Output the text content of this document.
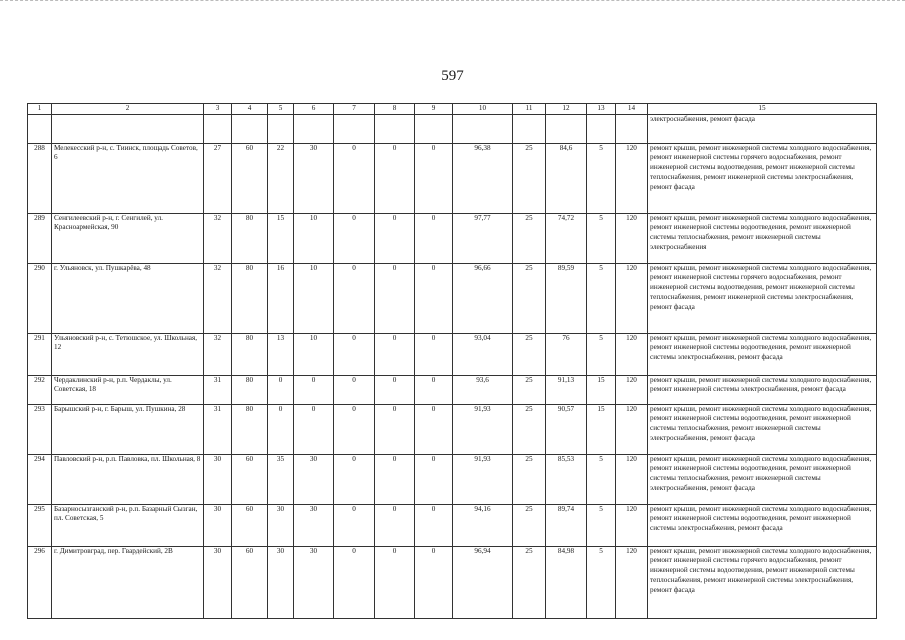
597
1	2	3	4	5	6	7	8	9	10	11	12	13	14	15
														электроснабжения, ремонт фасада
288	Мелекесский р-н, с. Тиинск, площадь Советов, 6	27	60	22	30	0	0	0	96,38	25	84,6	5	120	ремонт крыши, ремонт инженерной системы холодного водоснабжения, ремонт инженерной системы горячего водоснабжения, ремонт инженерной системы водоотведения, ремонт инженерной системы теплоснабжения, ремонт инженерной системы электроснабжения, ремонт фасада
289	Сенгилеевский р-н, г. Сенгилей, ул. Красноармейская, 90	32	80	15	10	0	0	0	97,77	25	74,72	5	120	ремонт крыши, ремонт инженерной системы холодного водоснабжения, ремонт инженерной системы водоотведения, ремонт инженерной системы теплоснабжения, ремонт инженерной системы электроснабжения
290	г. Ульяновск, ул. Пушкарёва, 48	32	80	16	10	0	0	0	96,66	25	89,59	5	120	ремонт крыши, ремонт инженерной системы холодного водоснабжения, ремонт инженерной системы горячего водоснабжения, ремонт инженерной системы водоотведения, ремонт инженерной системы теплоснабжения, ремонт инженерной системы электроснабжения, ремонт фасада
291	Ульяновский р-н, с. Тетюшское, ул. Школьная, 12	32	80	13	10	0	0	0	93,04	25	76	5	120	ремонт крыши, ремонт инженерной системы холодного водоснабжения, ремонт инженерной системы водоотведения, ремонт инженерной системы электроснабжения, ремонт фасада
292	Чердаклинский р-н, р.п. Чердаклы, ул. Советская, 18	31	80	0	0	0	0	0	93,6	25	91,13	15	120	ремонт крыши, ремонт инженерной системы холодного водоснабжения, ремонт инженерной системы электроснабжения, ремонт фасада
293	Барышский р-н, г. Барыш, ул. Пушкина, 28	31	80	0	0	0	0	0	91,93	25	90,57	15	120	ремонт крыши, ремонт инженерной системы холодного водоснабжения, ремонт инженерной системы водоотведения, ремонт инженерной системы теплоснабжения, ремонт инженерной системы электроснабжения, ремонт фасада
294	Павловский р-н, р.п. Павловка, пл. Школьная, 8	30	60	35	30	0	0	0	91,93	25	85,53	5	120	ремонт крыши, ремонт инженерной системы холодного водоснабжения, ремонт инженерной системы водоотведения, ремонт инженерной системы теплоснабжения, ремонт инженерной системы электроснабжения, ремонт фасада
295	Базарносызганский р-н, р.п. Базарный Сызган, пл. Советская, 5	30	60	30	30	0	0	0	94,16	25	89,74	5	120	ремонт крыши, ремонт инженерной системы холодного водоснабжения, ремонт инженерной системы водоотведения, ремонт инженерной системы электроснабжения, ремонт фасада
296	г. Димитровград, пер. Гвардейский, 2В	30	60	30	30	0	0	0	96,94	25	84,98	5	120	ремонт крыши, ремонт инженерной системы холодного водоснабжения, ремонт инженерной системы горячего водоснабжения, ремонт инженерной системы водоотведения, ремонт инженерной системы теплоснабжения, ремонт инженерной системы электроснабжения, ремонт фасада
